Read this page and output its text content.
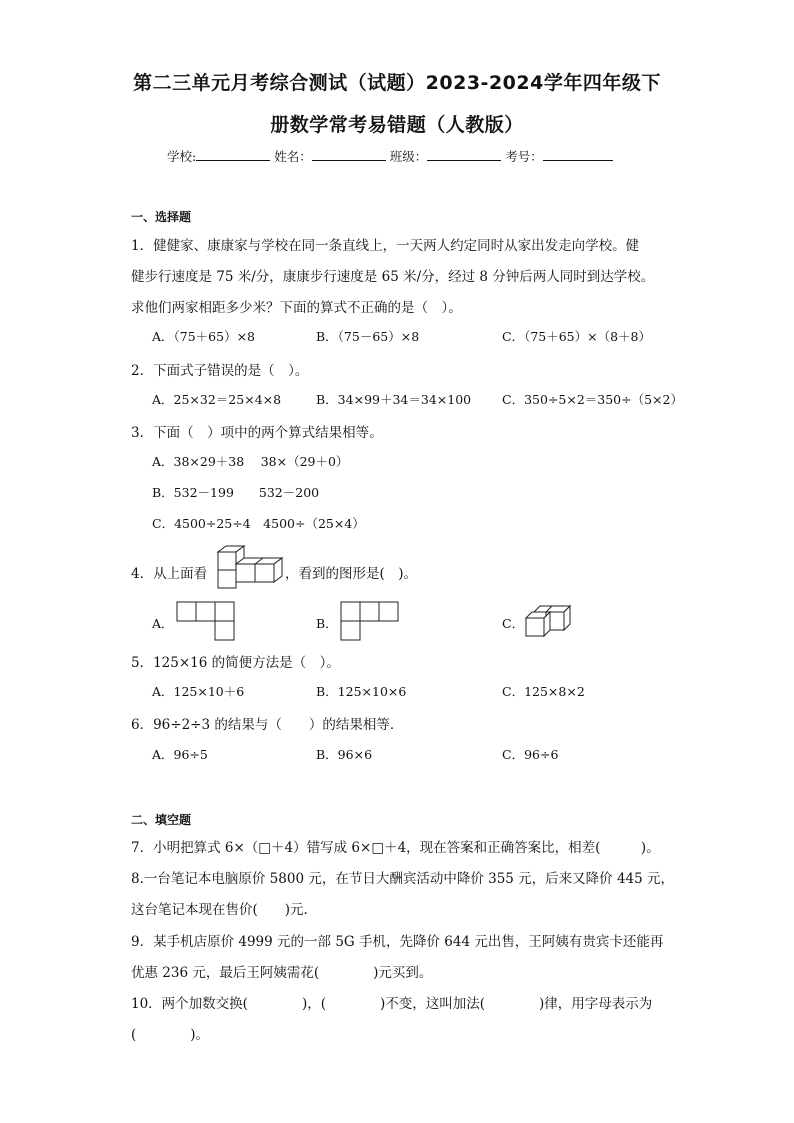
第二三单元月考综合测试（试题）2023-2024学年四年级下
册数学常考易错题（人教版）
学校:	姓名：	班级：	考号：
一、选择题
1．健健家、康康家与学校在同一条直线上，一天两人约定同时从家出发走向学校。健
健步行速度是 75 米/分，康康步行速度是 65 米/分，经过 8 分钟后两人同时到达学校。
求他们两家相距多少米？下面的算式不正确的是（　）。
A．（75＋65）×8	B．（75－65）×8	C．（75＋65）×（8＋8）
2．下面式子错误的是（　）。
A．25×32＝25×4×8	B．34×99＋34＝34×100 C．350÷5×2＝350÷（5×2）
3．下面（　）项中的两个算式结果相等。
A．38×29＋38　 38×（29＋0）
B．532－199　　532－200
C．4500÷25÷4　4500÷（25×4）
4．从上面看	，看到的图形是(　)。
A．	B．	C．
5．125×16 的简便方法是（　）。
A．125×10＋6	B．125×10×6	C．125×8×2
6．96÷2÷3 的结果与（　　）的结果相等．
A．96÷5	B．96×6	C．96÷6
二、填空题
7．小明把算式 6×（□＋4）错写成 6×□＋4，现在答案和正确答案比，相差(　　　)。
8.一台笔记本电脑原价 5800 元，在节日大酬宾活动中降价 355 元，后来又降价 445 元，
这台笔记本现在售价(　　)元.
9．某手机店原价 4999 元的一部 5G 手机，先降价 644 元出售，王阿姨有贵宾卡还能再
优惠 236 元，最后王阿姨需花(　　　　)元买到。
10．两个加数交换(　　　　)，(　　　　)不变，这叫加法(　　　　)律，用字母表示为
(　　　　)。
